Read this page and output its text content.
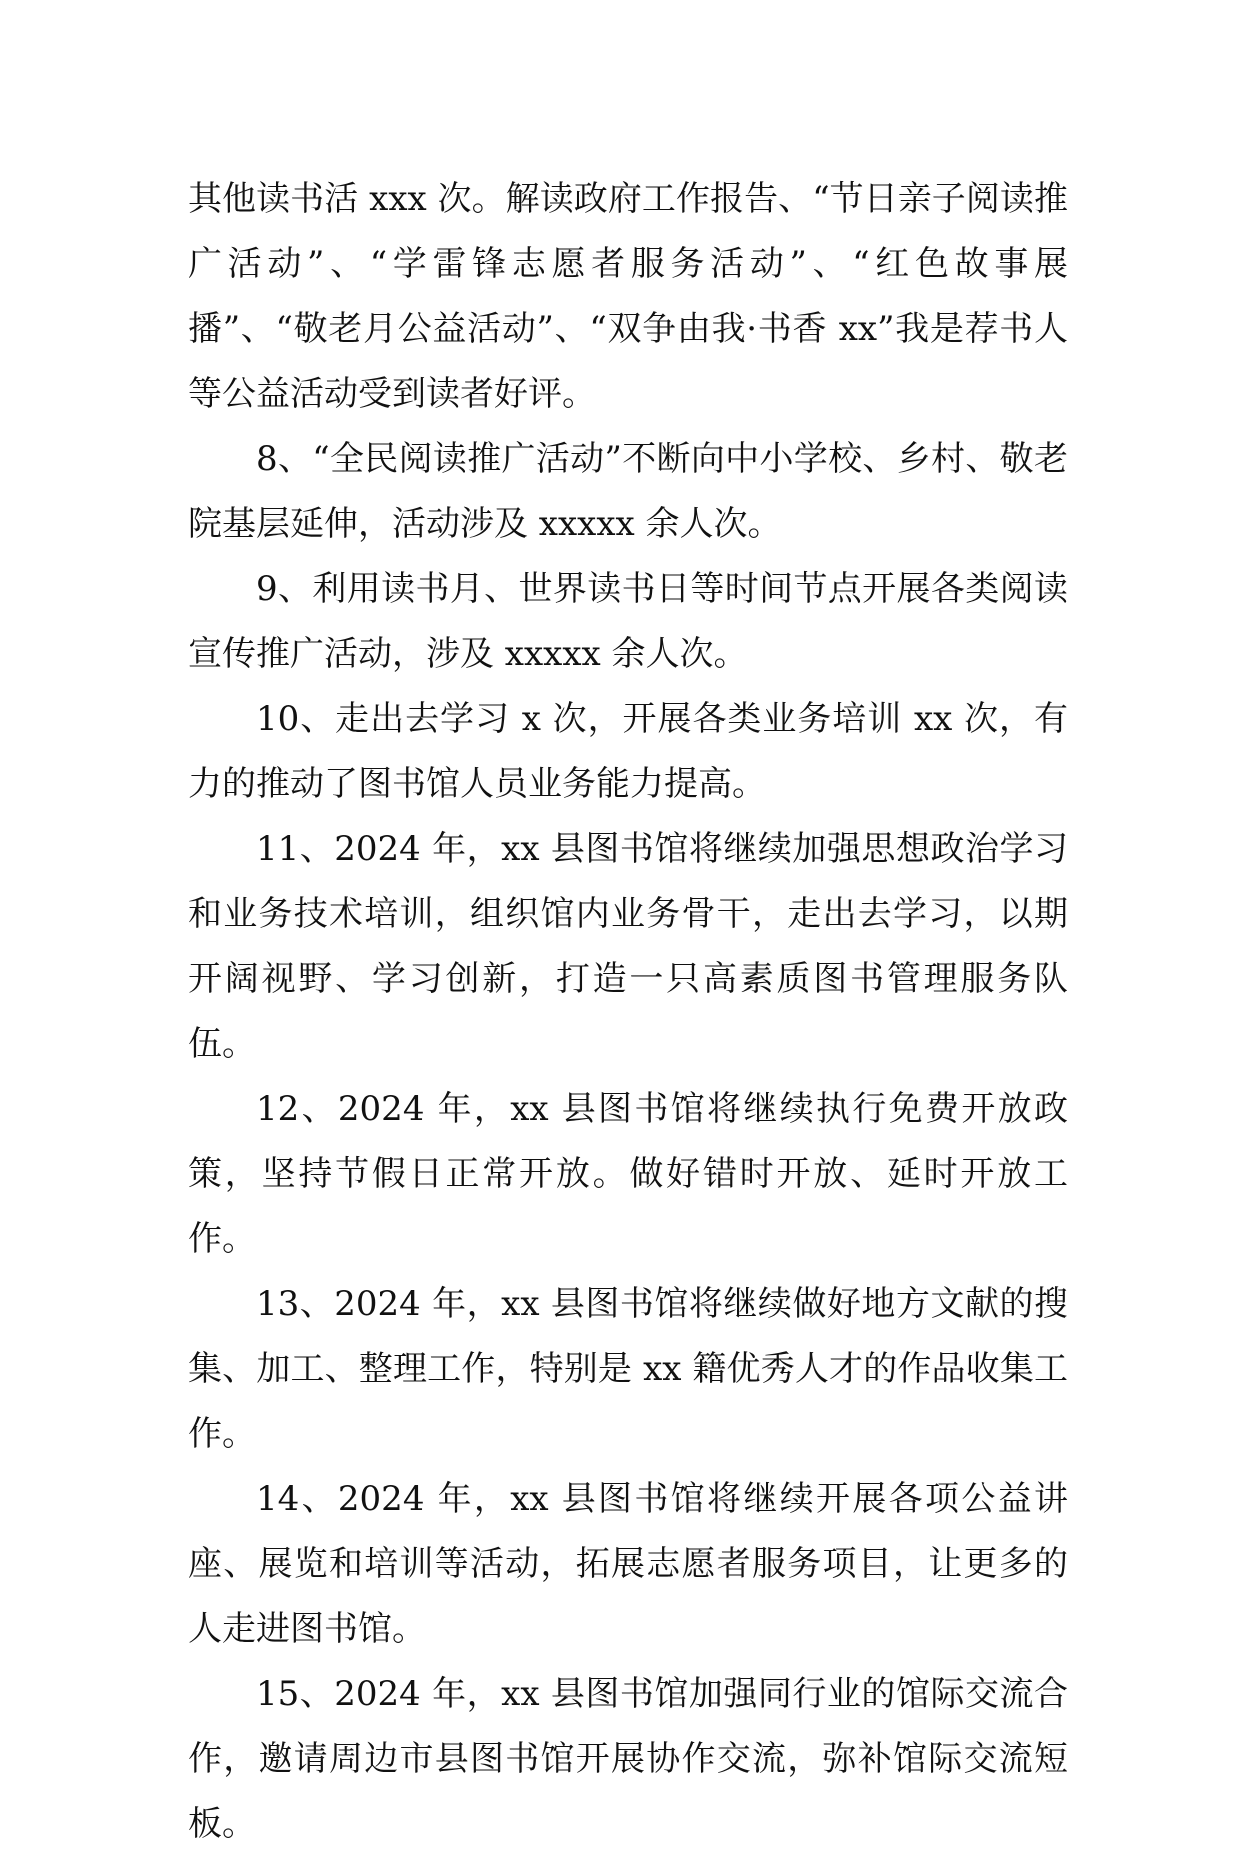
其他读书活 xxx 次。解读政府工作报告、“节日亲子阅读推广活动”、“学雷锋志愿者服务活动”、“红色故事展播”、“敬老月公益活动”、“双争由我·书香 xx”我是荐书人等公益活动受到读者好评。

8、“全民阅读推广活动”不断向中小学校、乡村、敬老院基层延伸，活动涉及 xxxxx 余人次。

9、利用读书月、世界读书日等时间节点开展各类阅读宣传推广活动，涉及 xxxxx 余人次。

10、走出去学习 x 次，开展各类业务培训 xx 次，有力的推动了图书馆人员业务能力提高。

11、2024 年，xx 县图书馆将继续加强思想政治学习和业务技术培训，组织馆内业务骨干，走出去学习，以期开阔视野、学习创新，打造一只高素质图书管理服务队伍。

12、2024 年，xx 县图书馆将继续执行免费开放政策，坚持节假日正常开放。做好错时开放、延时开放工作。

13、2024 年，xx 县图书馆将继续做好地方文献的搜集、加工、整理工作，特别是 xx 籍优秀人才的作品收集工作。

14、2024 年，xx 县图书馆将继续开展各项公益讲座、展览和培训等活动，拓展志愿者服务项目，让更多的人走进图书馆。

15、2024 年，xx 县图书馆加强同行业的馆际交流合作，邀请周边市县图书馆开展协作交流，弥补馆际交流短板。
